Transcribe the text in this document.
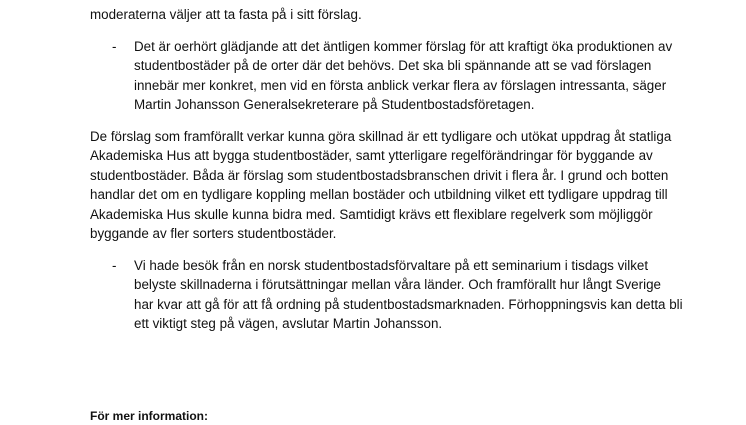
moderaterna väljer att ta fasta på i sitt förslag.
- Det är oerhört glädjande att det äntligen kommer förslag för att kraftigt öka produktionen av
studentbostäder på de orter där det behövs. Det ska bli spännande att se vad förslagen
innebär mer konkret, men vid en första anblick verkar flera av förslagen intressanta, säger
Martin Johansson Generalsekreterare på Studentbostadsföretagen.
De förslag som framförallt verkar kunna göra skillnad är ett tydligare och utökat uppdrag åt statliga
Akademiska Hus att bygga studentbostäder, samt ytterligare regelförändringar för byggande av
studentbostäder. Båda är förslag som studentbostadsbranschen drivit i flera år. I grund och botten
handlar det om en tydligare koppling mellan bostäder och utbildning vilket ett tydligare uppdrag till
Akademiska Hus skulle kunna bidra med. Samtidigt krävs ett flexiblare regelverk som möjliggör
byggande av fler sorters studentbostäder.
- Vi hade besök från en norsk studentbostadsförvaltare på ett seminarium i tisdags vilket
belyste skillnaderna i förutsättningar mellan våra länder. Och framförallt hur långt Sverige
har kvar att gå för att få ordning på studentbostadsmarknaden. Förhoppningsvis kan detta bli
ett viktigt steg på vägen, avslutar Martin Johansson.
För mer information:
